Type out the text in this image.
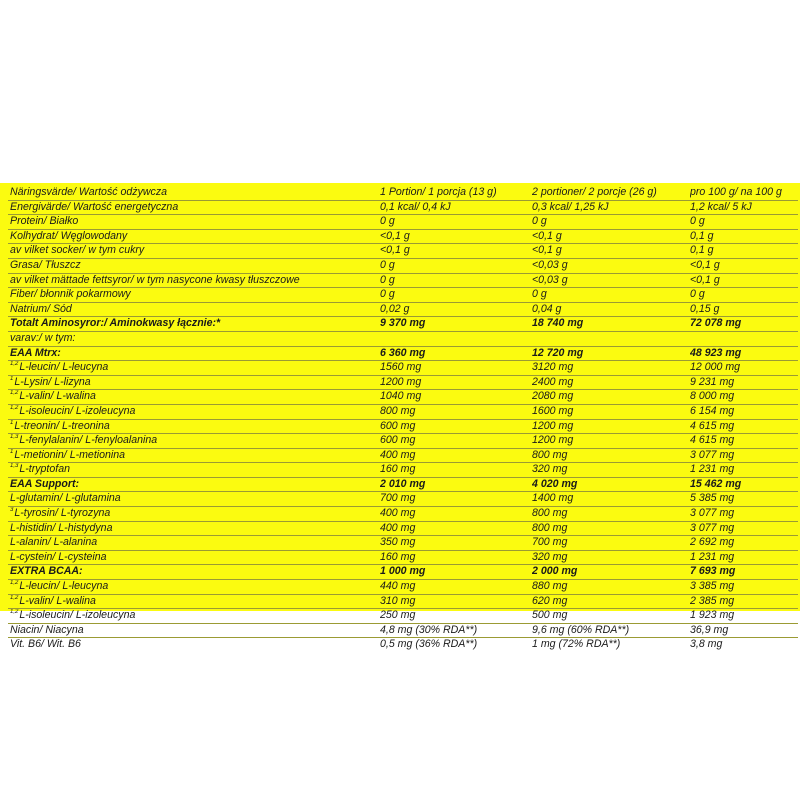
Näringsvärde/ Wartość odżywcza	1 Portion/ 1 porcja (13 g)	2 portioner/ 2 porcje (26 g)	pro 100 g/ na 100 g
Energivärde/ Wartość energetyczna	0,1 kcal/ 0,4 kJ	0,3 kcal/ 1,25 kJ	1,2 kcal/ 5 kJ
Protein/ Białko	0 g	0 g	0 g
Kolhydrat/ Węglowodany	<0,1 g	<0,1 g	0,1 g
av vilket socker/ w tym cukry	<0,1 g	<0,1 g	0,1 g
Grasa/ Tłuszcz	0 g	<0,03 g	<0,1 g
av vilket mättade fettsyror/ w tym nasycone kwasy tłuszczowe	0 g	<0,03 g	<0,1 g
Fiber/ błonnik pokarmowy	0 g	0 g	0 g
Natrium/ Sód	0,02 g	0,04 g	0,15 g
Totalt Aminosyror:/ Aminokwasy łącznie:*	9 370 mg	18 740 mg	72 078 mg
varav:/ w tym:
EAA Mtrx:	6 360 mg	12 720 mg	48 923 mg
$^{1,2}$L-leucin/ L-leucyna	1560 mg	3120 mg	12 000 mg
$^1$L-Lysin/ L-lizyna	1200 mg	2400 mg	9 231 mg
$^{1,2}$L-valin/ L-walina	1040 mg	2080 mg	8 000 mg
$^{1,2}$L-isoleucin/ L-izoleucyna	800 mg	1600 mg	6 154 mg
$^1$L-treonin/ L-treonina	600 mg	1200 mg	4 615 mg
$^{1,3}$L-fenylalanin/ L-fenyloalanina	600 mg	1200 mg	4 615 mg
$^1$L-metionin/ L-metionina	400 mg	800 mg	3 077 mg
$^{1,3}$L-tryptofan	160 mg	320 mg	1 231 mg
EAA Support:	2 010 mg	4 020 mg	15 462 mg
L-glutamin/ L-glutamina	700 mg	1400 mg	5 385 mg
$^3$L-tyrosin/ L-tyrozyna	400 mg	800 mg	3 077 mg
L-histidin/ L-histydyna	400 mg	800 mg	3 077 mg
L-alanin/ L-alanina	350 mg	700 mg	2 692 mg
L-cystein/ L-cysteina	160 mg	320 mg	1 231 mg
EXTRA BCAA:	1 000 mg	2 000 mg	7 693 mg
$^{1,2}$L-leucin/ L-leucyna	440 mg	880 mg	3 385 mg
$^{1,2}$L-valin/ L-walina	310 mg	620 mg	2 385 mg
$^{1,2}$L-isoleucin/ L-izoleucyna	250 mg	500 mg	1 923 mg
Niacin/ Niacyna	4,8 mg (30% RDA**)	9,6 mg (60% RDA**)	36,9 mg
Vit. B6/ Wit. B6	0,5 mg (36% RDA**)	1 mg (72% RDA**)	3,8 mg
